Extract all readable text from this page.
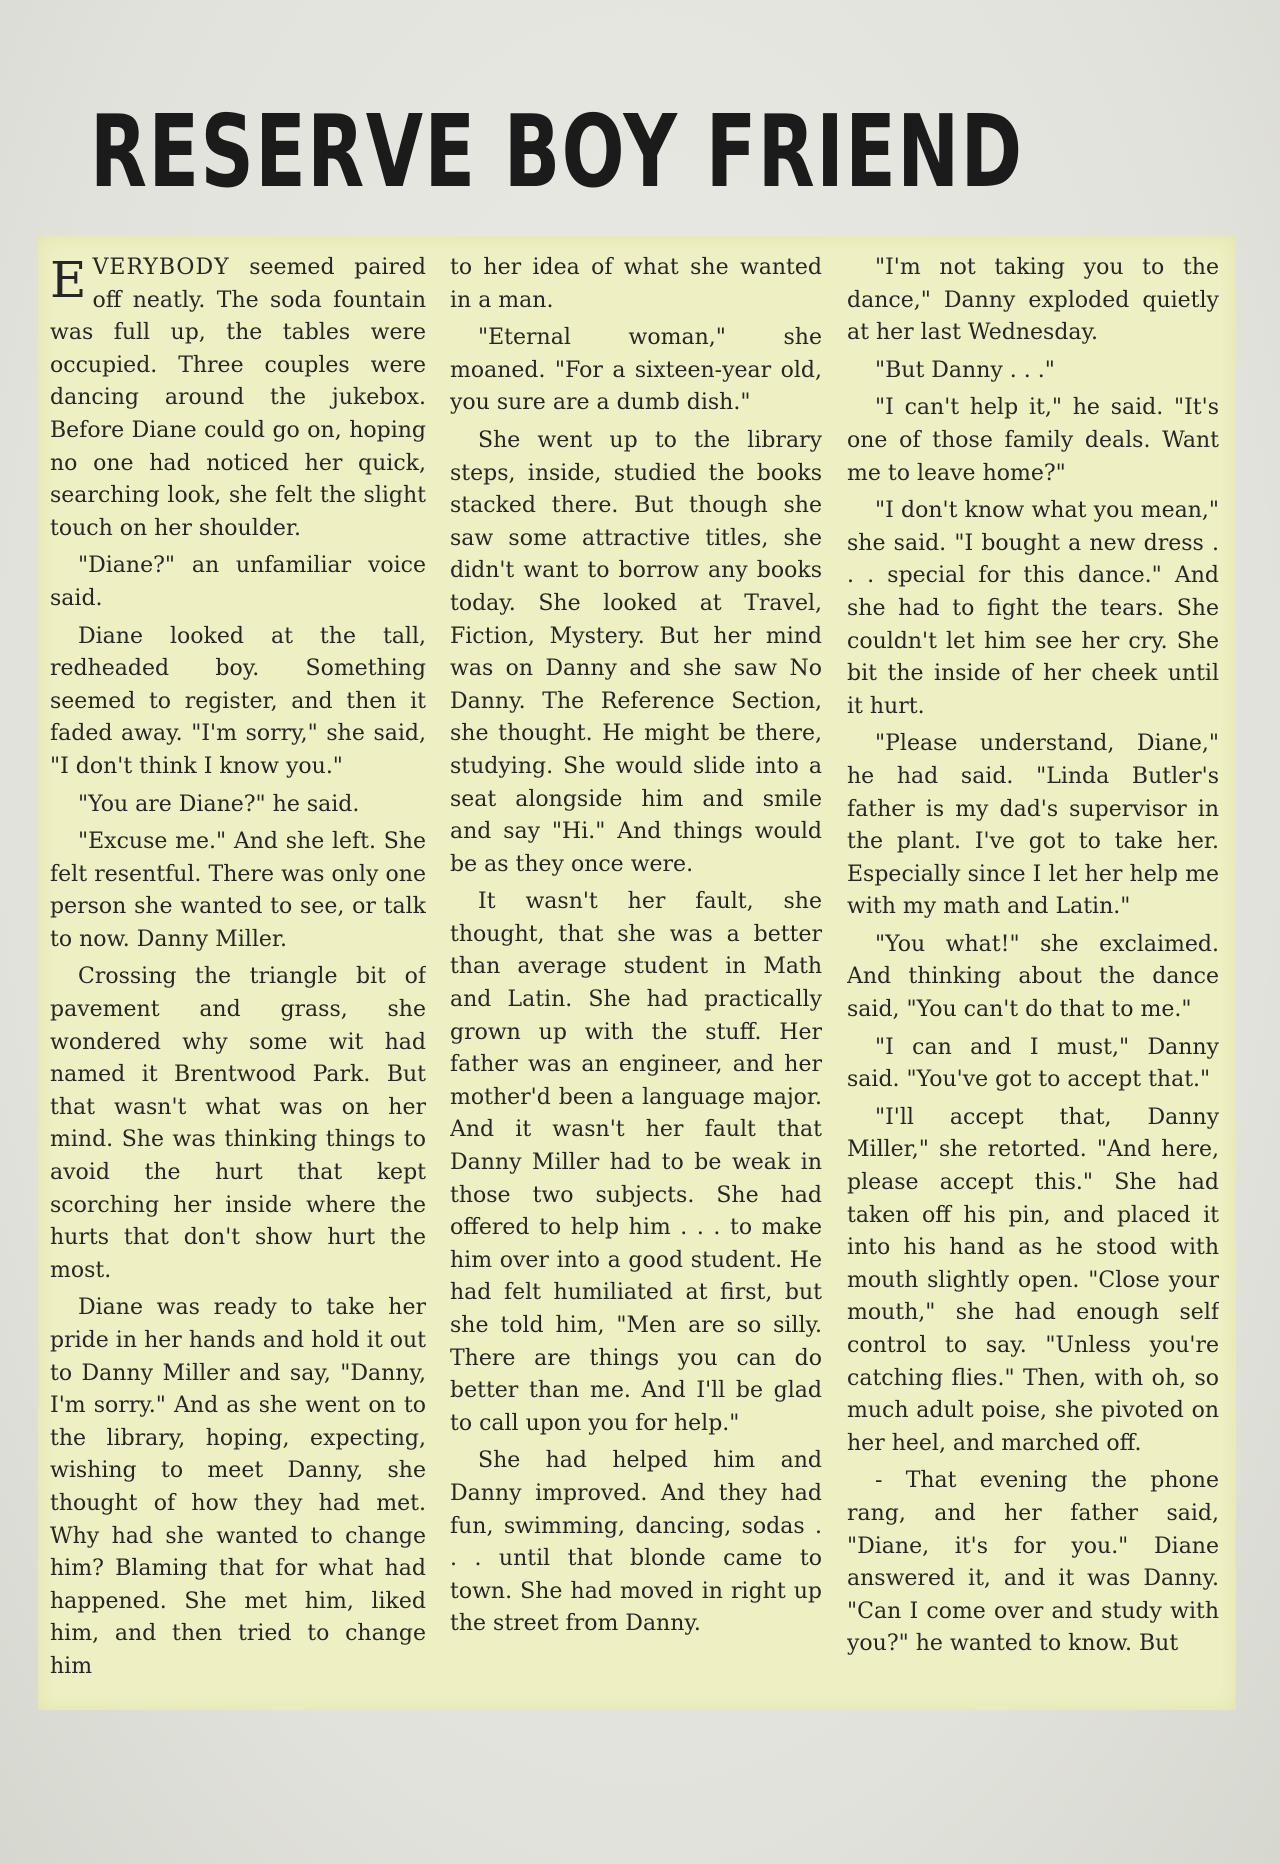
RESERVE BOY FRIEND

EVERYBODY seemed paired off neatly. The soda fountain was full up, the tables were occupied. Three couples were dancing around the jukebox. Before Diane could go on, hoping no one had noticed her quick, searching look, she felt the slight touch on her shoulder.

"Diane?" an unfamiliar voice said.

Diane looked at the tall, redheaded boy. Something seemed to register, and then it faded away. "I'm sorry," she said, "I don't think I know you."

"You are Diane?" he said.

"Excuse me." And she left. She felt resentful. There was only one person she wanted to see, or talk to now. Danny Miller.

Crossing the triangle bit of pavement and grass, she wondered why some wit had named it Brentwood Park. But that wasn't what was on her mind. She was thinking things to avoid the hurt that kept scorching her inside where the hurts that don't show hurt the most.

Diane was ready to take her pride in her hands and hold it out to Danny Miller and say, "Danny, I'm sorry." And as she went on to the library, hoping, expecting, wishing to meet Danny, she thought of how they had met. Why had she wanted to change him? Blaming that for what had happened. She met him, liked him, and then tried to change him

to her idea of what she wanted in a man.

"Eternal woman," she moaned. "For a sixteen-year old, you sure are a dumb dish."

She went up to the library steps, inside, studied the books stacked there. But though she saw some attractive titles, she didn't want to borrow any books today. She looked at Travel, Fiction, Mystery. But her mind was on Danny and she saw No Danny. The Reference Section, she thought. He might be there, studying. She would slide into a seat alongside him and smile and say "Hi." And things would be as they once were.

It wasn't her fault, she thought, that she was a better than average student in Math and Latin. She had practically grown up with the stuff. Her father was an engineer, and her mother'd been a language major. And it wasn't her fault that Danny Miller had to be weak in those two subjects. She had offered to help him . . . to make him over into a good student. He had felt humiliated at first, but she told him, "Men are so silly. There are things you can do better than me. And I'll be glad to call upon you for help."

She had helped him and Danny improved. And they had fun, swimming, dancing, sodas . . . until that blonde came to town. She had moved in right up the street from Danny.

"I'm not taking you to the dance," Danny exploded quietly at her last Wednesday.

"But Danny . . ."

"I can't help it," he said. "It's one of those family deals. Want me to leave home?"

"I don't know what you mean," she said. "I bought a new dress . . . special for this dance." And she had to fight the tears. She couldn't let him see her cry. She bit the inside of her cheek until it hurt.

"Please understand, Diane," he had said. "Linda Butler's father is my dad's supervisor in the plant. I've got to take her. Especially since I let her help me with my math and Latin."

"You what!" she exclaimed. And thinking about the dance said, "You can't do that to me."

"I can and I must," Danny said. "You've got to accept that."

"I'll accept that, Danny Miller," she retorted. "And here, please accept this." She had taken off his pin, and placed it into his hand as he stood with mouth slightly open. "Close your mouth," she had enough self control to say. "Unless you're catching flies." Then, with oh, so much adult poise, she pivoted on her heel, and marched off.

- That evening the phone rang, and her father said, "Diane, it's for you." Diane answered it, and it was Danny. "Can I come over and study with you?" he wanted to know. But
